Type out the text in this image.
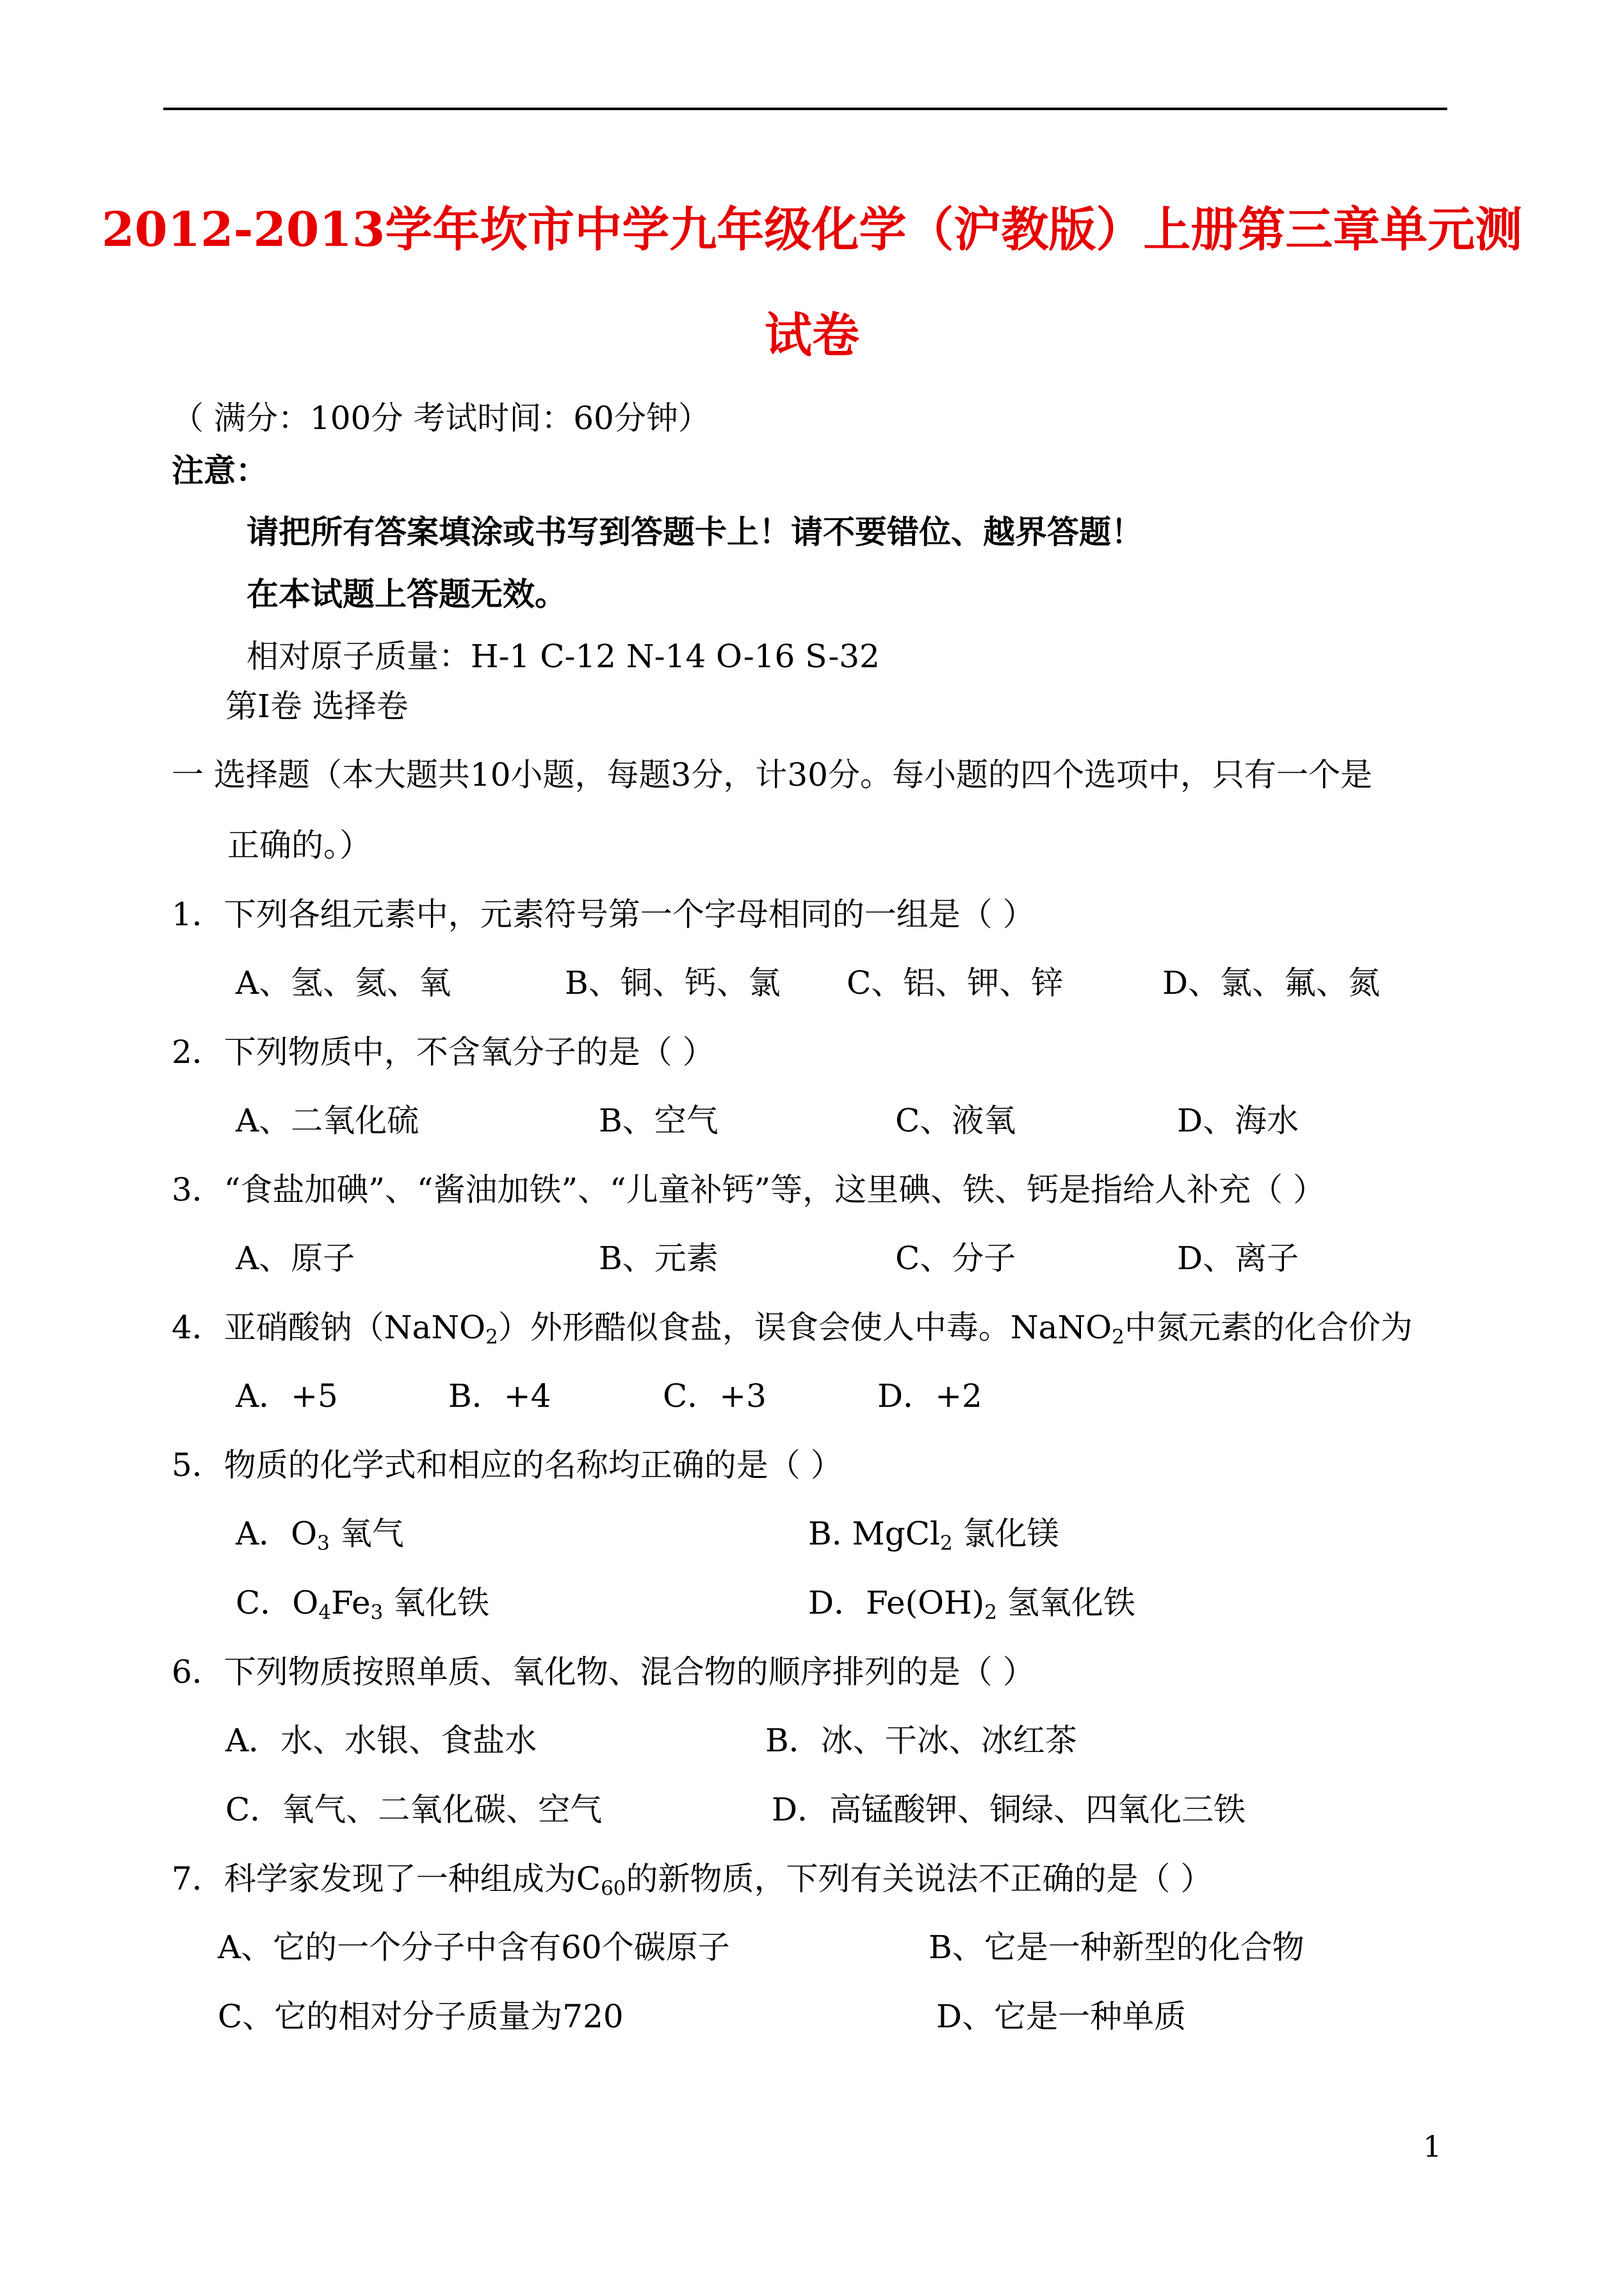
2012-2013学年坎市中学九年级化学（沪教版）上册第三章单元测
试卷
（ 满分：100分 考试时间：60分钟）
注意：
请把所有答案填涂或书写到答题卡上！请不要错位、越界答题！
在本试题上答题无效。
相对原子质量：H-1 C-12 N-14 O-16 S-32
第Ⅰ卷 选择卷
一 选择题（本大题共10小题，每题3分，计30分。每小题的四个选项中，只有一个是
正确的。）
1．下列各组元素中，元素符号第一个字母相同的一组是（ ）
A、氢、氦、氧	B、铜、钙、氯 C、铝、钾、锌	D、氯、氟、氮
2．下列物质中，不含氧分子的是（ ）
A、二氧化硫	B、空气	C、液氧	D、海水
3．“食盐加碘”、“酱油加铁”、“儿童补钙”等，这里碘、铁、钙是指给人补充（ ）
A、原子	B、元素	C、分子	D、离子
4．亚硝酸钠（NaNO$_2$）外形酷似食盐，误食会使人中毒。NaNO$_2$中氮元素的化合价为
A．+5	B．+4	C．+3	D．+2
5．物质的化学式和相应的名称均正确的是（ ）
A．$O_3$ 氧气	B. MgCl$_2$ 氯化镁
C．$O_4Fe_3$ 氧化铁	D．$Fe(OH)_2$ 氢氧化铁
6．下列物质按照单质、氧化物、混合物的顺序排列的是（ ）
A．水、水银、食盐水	B．冰、干冰、冰红茶
C．氧气、二氧化碳、空气	D．高锰酸钾、铜绿、四氧化三铁
7．科学家发现了一种组成为$C_{60}$的新物质，下列有关说法不正确的是（ ）
A、它的一个分子中含有60个碳原子	B、它是一种新型的化合物
C、它的相对分子质量为720	D、它是一种单质
1
